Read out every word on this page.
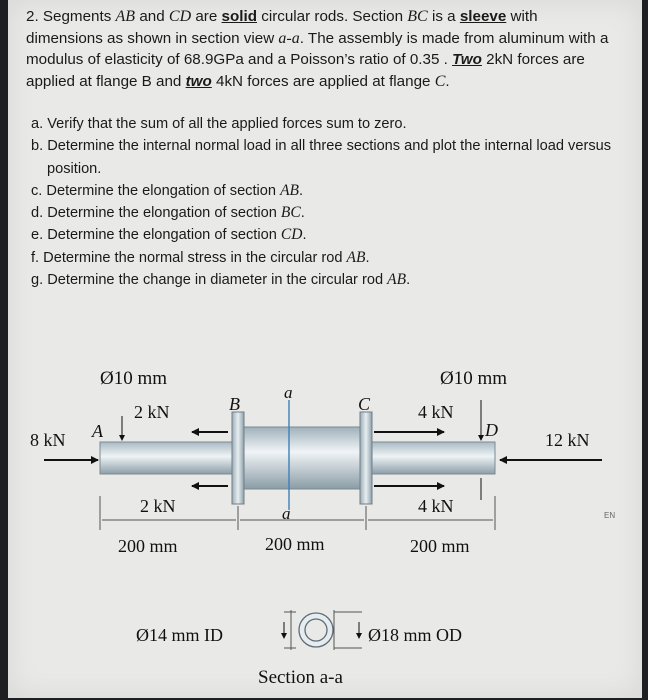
2. Segments AB and CD are solid circular rods. Section BC is a sleeve with dimensions as shown in section view a-a. The assembly is made from aluminum with a modulus of elasticity of 68.9GPa and a Poisson’s ratio of 0.35 . Two 2kN forces are applied at flange B and two 4kN forces are applied at flange C.
a. Verify that the sum of all the applied forces sum to zero.
b. Determine the internal normal load in all three sections and plot the internal load versus position.
c. Determine the elongation of section AB.
d. Determine the elongation of section BC.
e. Determine the elongation of section CD.
f. Determine the normal stress in the circular rod AB.
g. Determine the change in diameter in the circular rod AB.
Ø10 mm	Ø10 mm
2 kN	4 kN
8 kN	12 kN
A
B	C
D
a
a
2 kN	4 kN
200 mm	200 mm	200 mm
EN
Ø14 mm ID	Ø18 mm OD
Section a-a
